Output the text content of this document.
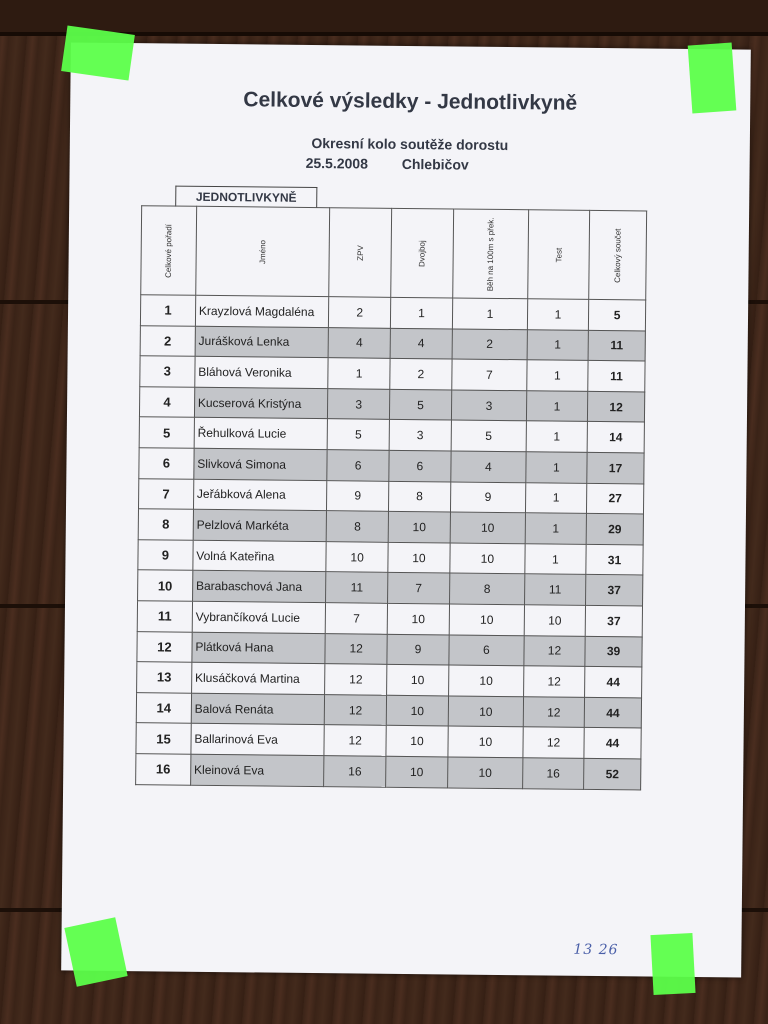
Celkové výsledky - Jednotlivkyně
Okresní kolo soutěže dorostu
25.5.2008 Chlebičov
JEDNOTLIVKYNĚ
Celkové pořadí	Jméno	ZPV	Dvojboj	Běh na 100m s přek.	Test	Celkový součet
1	Krayzlová Magdaléna	2	1	1	1	5
2	Jurášková Lenka	4	4	2	1	11
3	Bláhová Veronika	1	2	7	1	11
4	Kucserová Kristýna	3	5	3	1	12
5	Řehulková Lucie	5	3	5	1	14
6	Slivková Simona	6	6	4	1	17
7	Jeřábková Alena	9	8	9	1	27
8	Pelzlová Markéta	8	10	10	1	29
9	Volná Kateřina	10	10	10	1	31
10	Barabaschová Jana	11	7	8	11	37
11	Vybrančíková Lucie	7	10	10	10	37
12	Plátková Hana	12	9	6	12	39
13	Klusáčková Martina	12	10	10	12	44
14	Balová Renáta	12	10	10	12	44
15	Ballarinová Eva	12	10	10	12	44
16	Kleinová Eva	16	10	10	16	52
13 26
